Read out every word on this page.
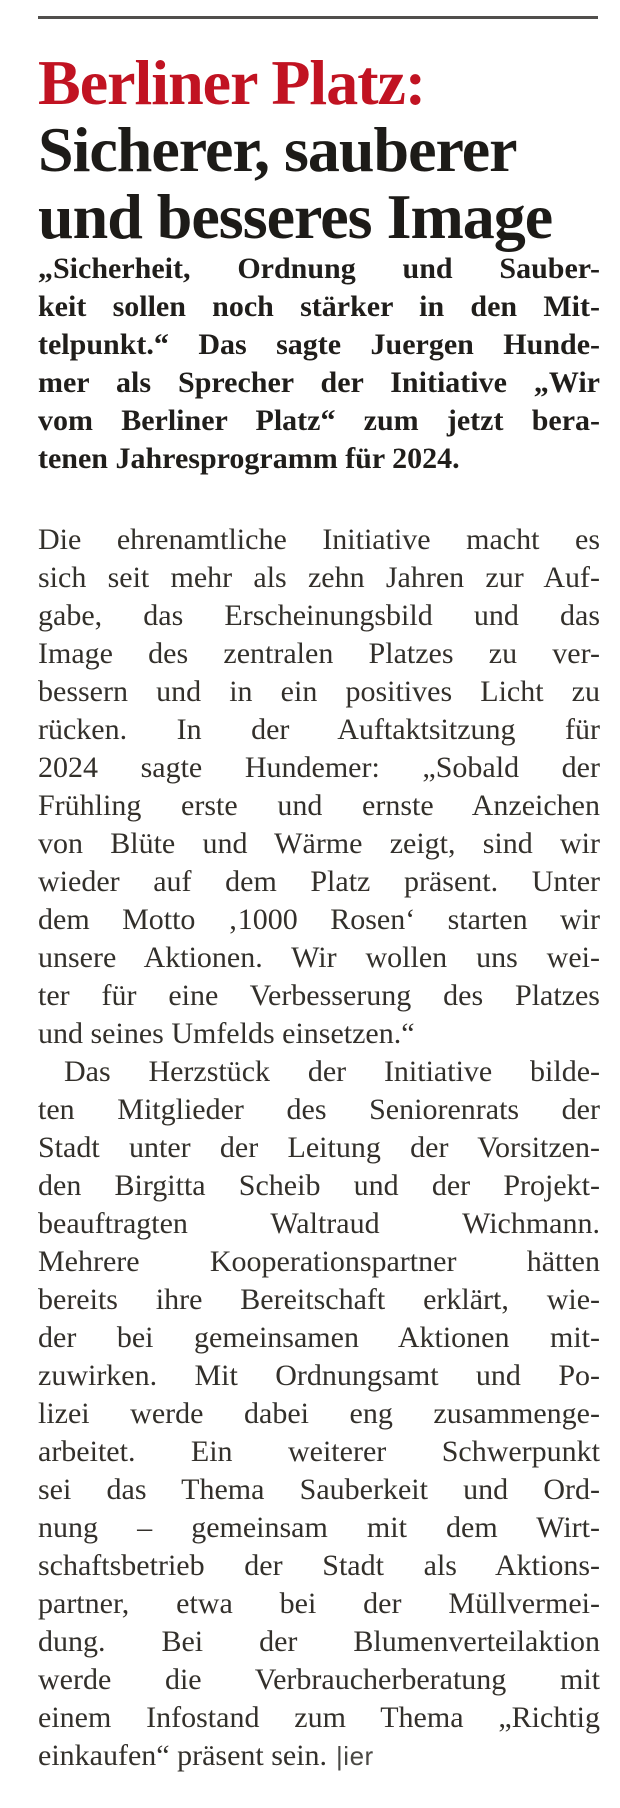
Berliner Platz:
Sicherer, sauberer
und besseres Image
„Sicherheit, Ordnung und Sauber-
keit sollen noch stärker in den Mit-
telpunkt.“ Das sagte Juergen Hunde-
mer als Sprecher der Initiative „Wir
vom Berliner Platz“ zum jetzt bera-
tenen Jahresprogramm für 2024.
Die ehrenamtliche Initiative macht es
sich seit mehr als zehn Jahren zur Auf-
gabe, das Erscheinungsbild und das
Image des zentralen Platzes zu ver-
bessern und in ein positives Licht zu
rücken. In der Auftaktsitzung für
2024 sagte Hundemer: „Sobald der
Frühling erste und ernste Anzeichen
von Blüte und Wärme zeigt, sind wir
wieder auf dem Platz präsent. Unter
dem Motto ‚1000 Rosen‘ starten wir
unsere Aktionen. Wir wollen uns wei-
ter für eine Verbesserung des Platzes
und seines Umfelds einsetzen.“
Das Herzstück der Initiative bilde-
ten Mitglieder des Seniorenrats der
Stadt unter der Leitung der Vorsitzen-
den Birgitta Scheib und der Projekt-
beauftragten Waltraud Wichmann.
Mehrere Kooperationspartner hätten
bereits ihre Bereitschaft erklärt, wie-
der bei gemeinsamen Aktionen mit-
zuwirken. Mit Ordnungsamt und Po-
lizei werde dabei eng zusammenge-
arbeitet. Ein weiterer Schwerpunkt
sei das Thema Sauberkeit und Ord-
nung – gemeinsam mit dem Wirt-
schaftsbetrieb der Stadt als Aktions-
partner, etwa bei der Müllvermei-
dung. Bei der Blumenverteilaktion
werde die Verbraucherberatung mit
einem Infostand zum Thema „Richtig
einkaufen“ präsent sein. |ier
